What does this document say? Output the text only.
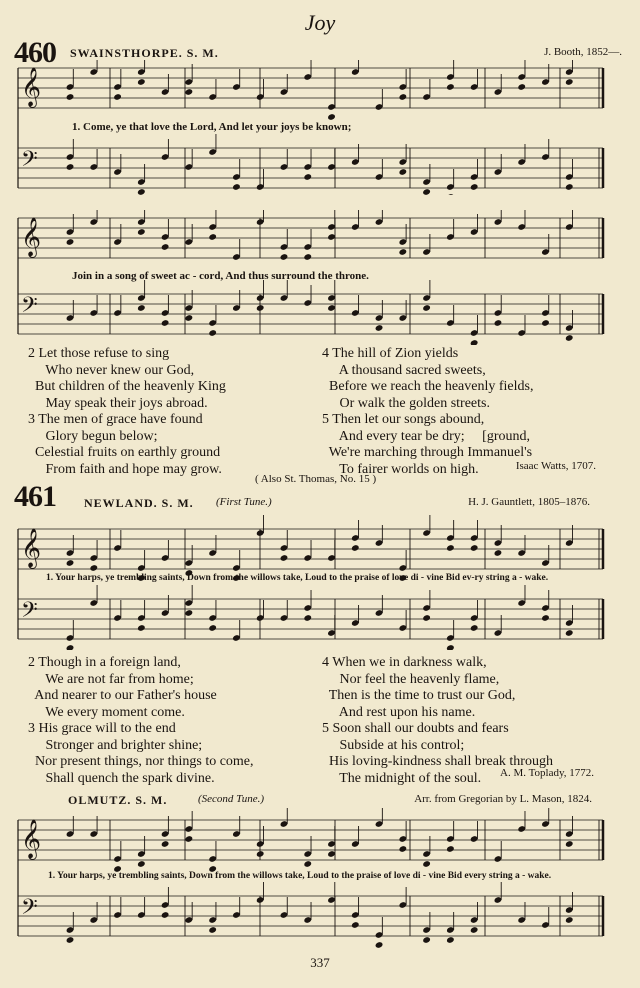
Joy
460 SWAINSTHORPE. S. M.	J. Booth, 1852—.
𝄞
𝄢
1. Come, ye that love the Lord, And let your joys be known;
𝄞
𝄢
Join in a song of sweet ac - cord, And thus surround the throne.
2 Let those refuse to sing
Who never knew our God,
But children of the heavenly King
May speak their joys abroad.
3 The men of grace have found
Glory begun below;
Celestial fruits on earthly ground
From faith and hope may grow.
4 The hill of Zion yields
A thousand sacred sweets,
Before we reach the heavenly fields,
Or walk the golden streets.
5 Then let our songs abound,
And every tear be dry;     [ground,
We're marching through Immanuel's
To fairer worlds on high.	Isaac Watts, 1707.
( Also St. Thomas, No. 15 )
461 NEWLAND. S. M. (First Tune.)	H. J. Gauntlett, 1805–1876.
𝄞
𝄢
1. Your harps, ye trembling saints, Down from the willows take, Loud to the praise of love di - vine Bid ev-ry string a - wake.
2 Though in a foreign land,
We are not far from home;
And nearer to our Father's house
We every moment come.
3 His grace will to the end
Stronger and brighter shine;
Nor present things, nor things to come,
Shall quench the spark divine.
4 When we in darkness walk,
Nor feel the heavenly flame,
Then is the time to trust our God,
And rest upon his name.
5 Soon shall our doubts and fears
Subside at his control;
His loving-kindness shall break through
The midnight of the soul.	A. M. Toplady, 1772.
OLMUTZ. S. M.	(Second Tune.)	Arr. from Gregorian by L. Mason, 1824.
𝄞
𝄢
1. Your harps, ye trembling saints, Down from the willows take, Loud to the praise of love di - vine Bid every string a - wake.
337
